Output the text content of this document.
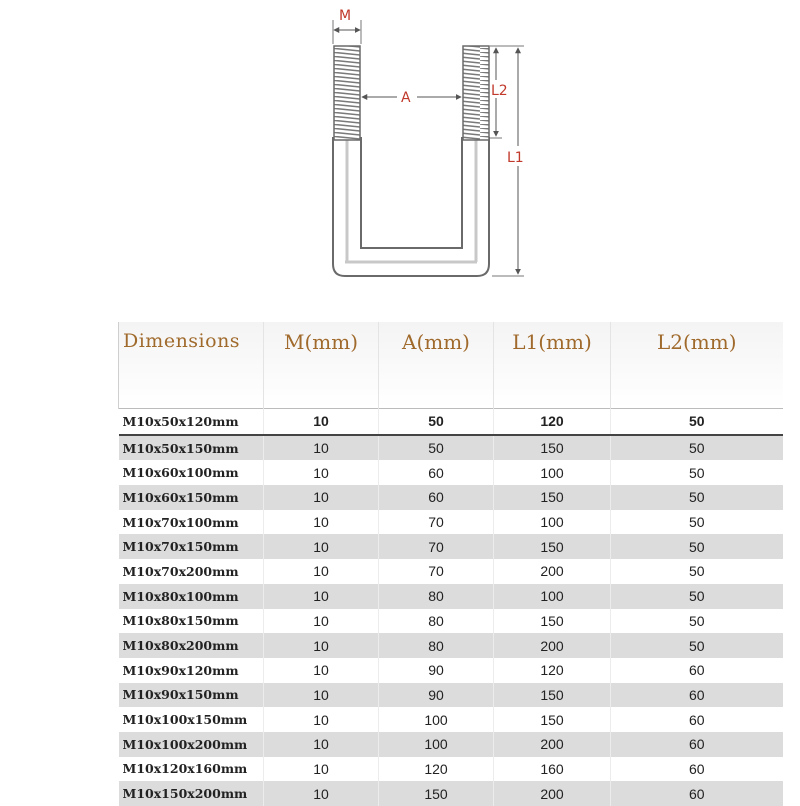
M
A	L2
L1
Dimensions	M(mm)	A(mm)	L1(mm)	L2(mm)
M10x50x120mm	10	50	120	50
M10x50x150mm	10	50	150	50
M10x60x100mm	10	60	100	50
M10x60x150mm	10	60	150	50
M10x70x100mm	10	70	100	50
M10x70x150mm	10	70	150	50
M10x70x200mm	10	70	200	50
M10x80x100mm	10	80	100	50
M10x80x150mm	10	80	150	50
M10x80x200mm	10	80	200	50
M10x90x120mm	10	90	120	60
M10x90x150mm	10	90	150	60
M10x100x150mm	10	100	150	60
M10x100x200mm	10	100	200	60
M10x120x160mm	10	120	160	60
M10x150x200mm	10	150	200	60
